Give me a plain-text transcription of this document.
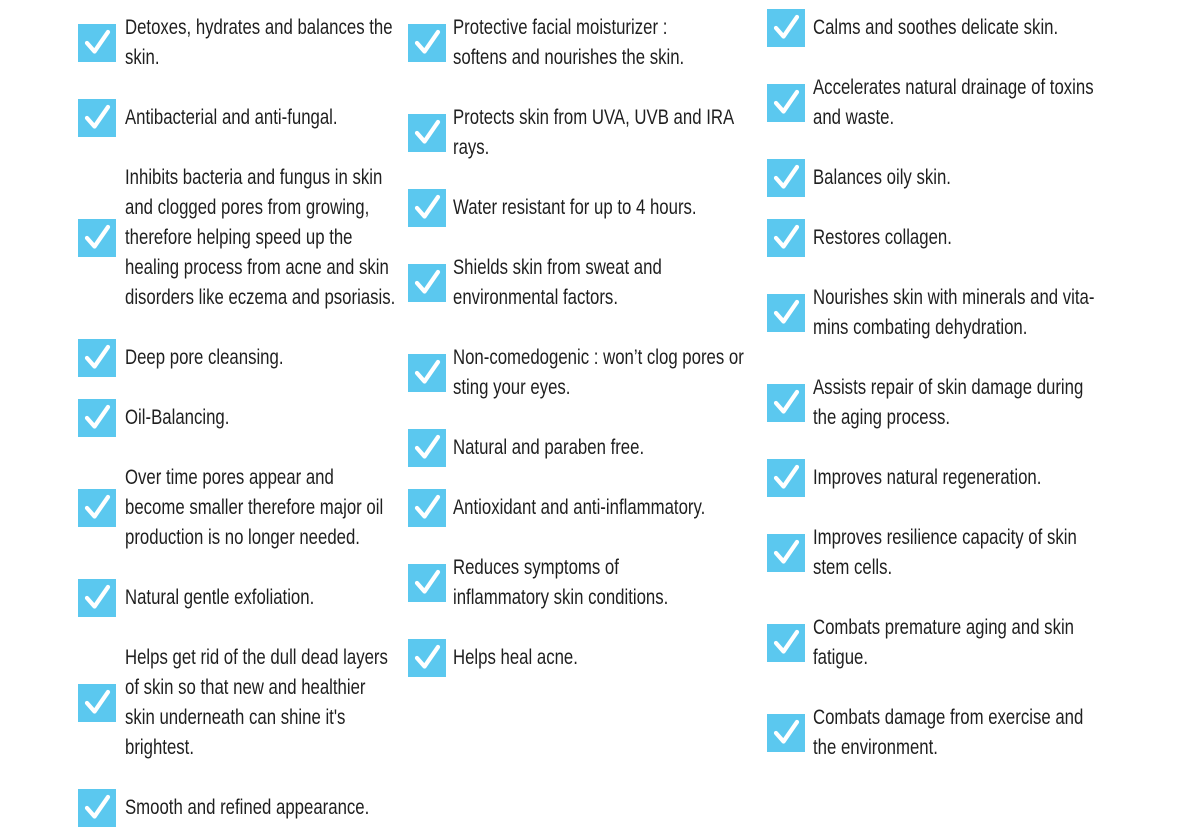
Detoxes, hydrates and balances the
skin.
Antibacterial and anti-fungal.
Inhibits bacteria and fungus in skin
and clogged pores from growing,
therefore helping speed up the
healing process from acne and skin
disorders like eczema and psoriasis.
Deep pore cleansing.
Oil-Balancing.
Over time pores appear and
become smaller therefore major oil
production is no longer needed.
Natural gentle exfoliation.
Helps get rid of the dull dead layers
of skin so that new and healthier
skin underneath can shine it's
brightest.
Smooth and refined appearance.
Protective facial moisturizer :
softens and nourishes the skin.
Protects skin from UVA, UVB and IRA
rays.
Water resistant for up to 4 hours.
Shields skin from sweat and
environmental factors.
Non-comedogenic : won’t clog pores or
sting your eyes.
Natural and paraben free.
Antioxidant and anti-inflammatory.
Reduces symptoms of
inflammatory skin conditions.
Helps heal acne.
Calms and soothes delicate skin.
Accelerates natural drainage of toxins
and waste.
Balances oily skin.
Restores collagen.
Nourishes skin with minerals and vita-
mins combating dehydration.
Assists repair of skin damage during
the aging process.
Improves natural regeneration.
Improves resilience capacity of skin
stem cells.
Combats premature aging and skin
fatigue.
Combats damage from exercise and
the environment.
